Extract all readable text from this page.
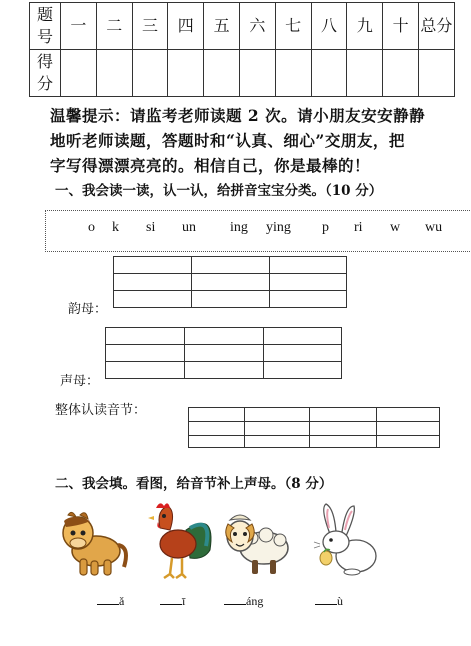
题号	一	二	三	四	五	六	七	八	九	十	总分
得分											
温馨提示：请监考老师读题 2 次。请小朋友安安静静
地听老师读题，答题时和“认真、细心”交朋友，把
字写得漂漂亮亮的。相信自己，你是最棒的！
一、我会读一读，认一认，给拼音宝宝分类。（10 分）
o k si un ing ying p ri w wu

韵母：

声母：
整体认读音节：

二、我会填。看图，给音节补上声母。（8 分）
ǎ	ī	áng	ù
